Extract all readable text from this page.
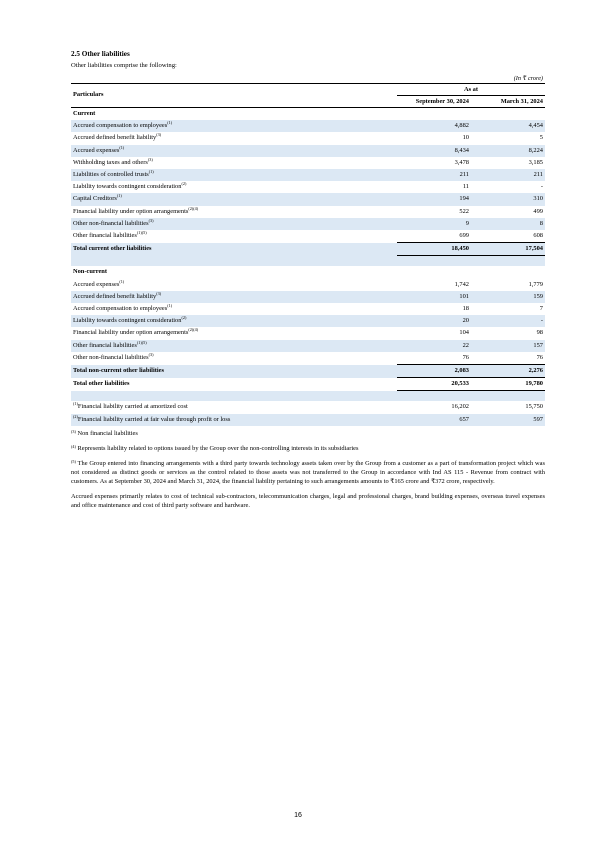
2.5 Other liabilities
Other liabilities comprise the following:
(In ₹ crore)
Particulars	As at	
	September 30, 2024	March 31, 2024
Current		
Accrued compensation to employees$^{(1)}$	4,882	4,454
Accrued defined benefit liability$^{(3)}$	10	5
Accrued expenses$^{(1)}$	8,434	8,224
Withholding taxes and others$^{(3)}$	3,478	3,185
Liabilities of controlled trusts$^{(1)}$	211	211
Liability towards contingent consideration$^{(2)}$	11	-
Capital Creditors$^{(1)}$	194	310
Financial liability under option arrangements$^{(2)(4)}$	522	499
Other non-financial liabilities$^{(3)}$	9	8
Other financial liabilities$^{(1)(5)}$	699	608
Total current other liabilities	18,450	17,504

Non-current		
Accrued expenses$^{(1)}$	1,742	1,779
Accrued defined benefit liability$^{(3)}$	101	159
Accrued compensation to employees$^{(1)}$	18	7
Liability towards contingent consideration$^{(2)}$	20	-
Financial liability under option arrangements$^{(2)(4)}$	104	98
Other financial liabilities$^{(1)(5)}$	22	157
Other non-financial liabilities$^{(3)}$	76	76
Total non-current other liabilities	2,083	2,276
Total other liabilities	20,533	19,780

$^{(1)}$Financial liability carried at amortized cost	16,202	15,750
$^{(2)}$Financial liability carried at fair value through profit or loss	657	597
$^{(3)}$ Non financial liabilities
$^{(4)}$ Represents liability related to options issued by the Group over the non-controlling interests in its subsidiaries
$^{(5)}$ The Group entered into financing arrangements with a third party towards technology assets taken over by the Group from a customer as a part of transformation project which was not considered as distinct goods or services as the control related to those assets was not transferred to the Group in accordance with Ind AS 115 - Revenue from contract with customers. As at September 30, 2024 and March 31, 2024, the financial liability pertaining to such arrangements amounts to ₹165 crore and ₹372 crore, respectively.
Accrued expenses primarily relates to cost of technical sub-contractors, telecommunication charges, legal and professional charges, brand building expenses, overseas travel expenses and office maintenance and cost of third party software and hardware.
16
